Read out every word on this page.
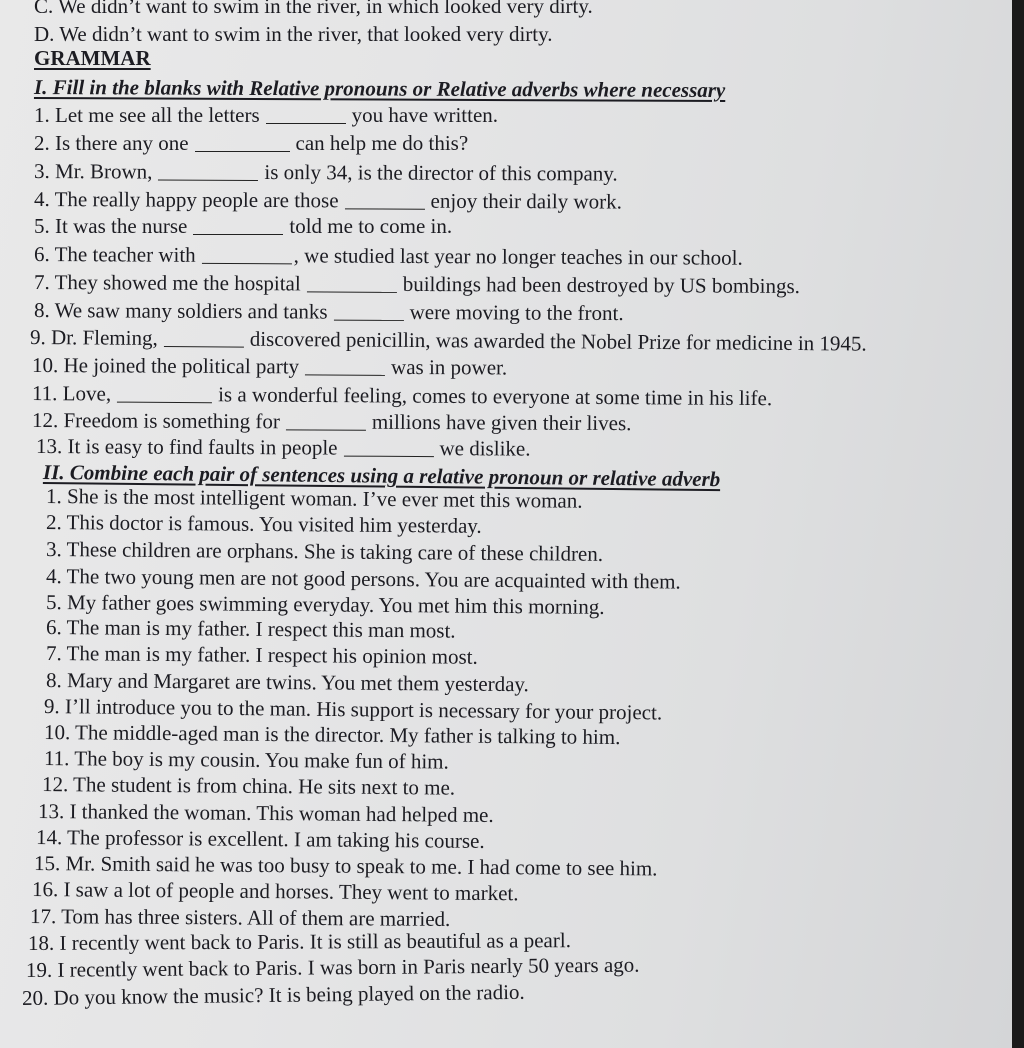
C. We didn’t want to swim in the river, in which looked very dirty.
D. We didn’t want to swim in the river, that looked very dirty.
GRAMMAR
I. Fill in the blanks with Relative pronouns or Relative adverbs where necessary
1. Let me see all the letters	you have written.
2. Is there any one	can help me do this?
3. Mr. Brown,	is only 34, is the director of this company.
4. The really happy people are those	enjoy their daily work.
5. It was the nurse	told me to come in.
6. The teacher with	, we studied last year no longer teaches in our school.
7. They showed me the hospital	buildings had been destroyed by US bombings.
8. We saw many soldiers and tanks	were moving to the front.
9. Dr. Fleming,	discovered penicillin, was awarded the Nobel Prize for medicine in 1945.
10. He joined the political party	was in power.
11. Love,	is a wonderful feeling, comes to everyone at some time in his life.
12. Freedom is something for	millions have given their lives.
13. It is easy to find faults in people	we dislike.
II. Combine each pair of sentences using a relative pronoun or relative adverb
1. She is the most intelligent woman. I’ve ever met this woman.
2. This doctor is famous. You visited him yesterday.
3. These children are orphans. She is taking care of these children.
4. The two young men are not good persons. You are acquainted with them.
5. My father goes swimming everyday. You met him this morning.
6. The man is my father. I respect this man most.
7. The man is my father. I respect his opinion most.
8. Mary and Margaret are twins. You met them yesterday.
9. I’ll introduce you to the man. His support is necessary for your project.
10. The middle-aged man is the director. My father is talking to him.
11. The boy is my cousin. You make fun of him.
12. The student is from china. He sits next to me.
13. I thanked the woman. This woman had helped me.
14. The professor is excellent. I am taking his course.
15. Mr. Smith said he was too busy to speak to me. I had come to see him.
16. I saw a lot of people and horses. They went to market.
17. Tom has three sisters. All of them are married.
18. I recently went back to Paris. It is still as beautiful as a pearl.
19. I recently went back to Paris. I was born in Paris nearly 50 years ago.
20. Do you know the music? It is being played on the radio.
